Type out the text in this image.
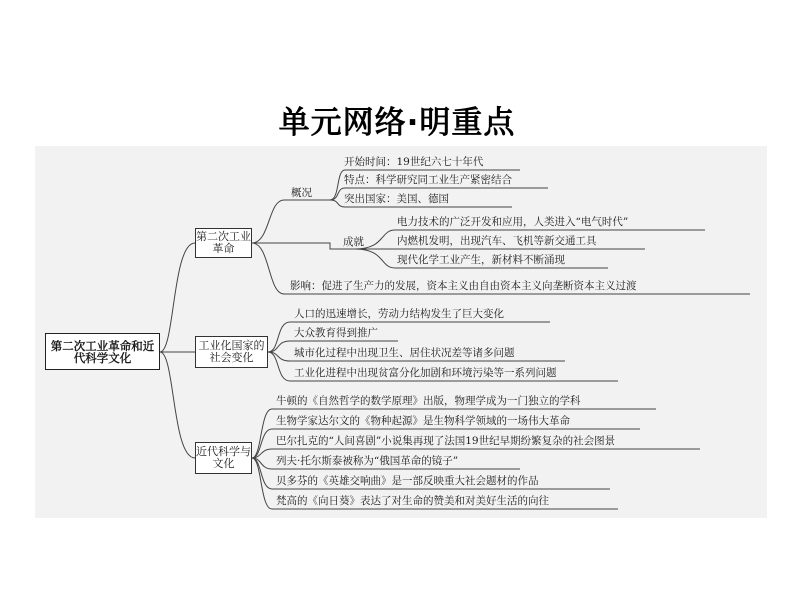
单元网络·明重点
第二次工业革命和近代科学文化
第二次工业革命
概况
开始时间：19世纪六七十年代
特点：科学研究同工业生产紧密结合
突出国家：美国、德国
成就
电力技术的广泛开发和应用，人类进入“电气时代”
内燃机发明，出现汽车、飞机等新交通工具
现代化学工业产生，新材料不断涌现
影响：促进了生产力的发展，资本主义由自由资本主义向垄断资本主义过渡
工业化国家的社会变化
人口的迅速增长，劳动力结构发生了巨大变化
大众教育得到推广
城市化过程中出现卫生、居住状况差等诸多问题
工业化进程中出现贫富分化加剧和环境污染等一系列问题
近代科学与文化
牛顿的《自然哲学的数学原理》出版，物理学成为一门独立的学科
生物学家达尔文的《物种起源》是生物科学领域的一场伟大革命
巴尔扎克的“人间喜剧”小说集再现了法国19世纪早期纷繁复杂的社会图景
列夫·托尔斯泰被称为“俄国革命的镜子”
贝多芬的《英雄交响曲》是一部反映重大社会题材的作品
梵高的《向日葵》表达了对生命的赞美和对美好生活的向往
